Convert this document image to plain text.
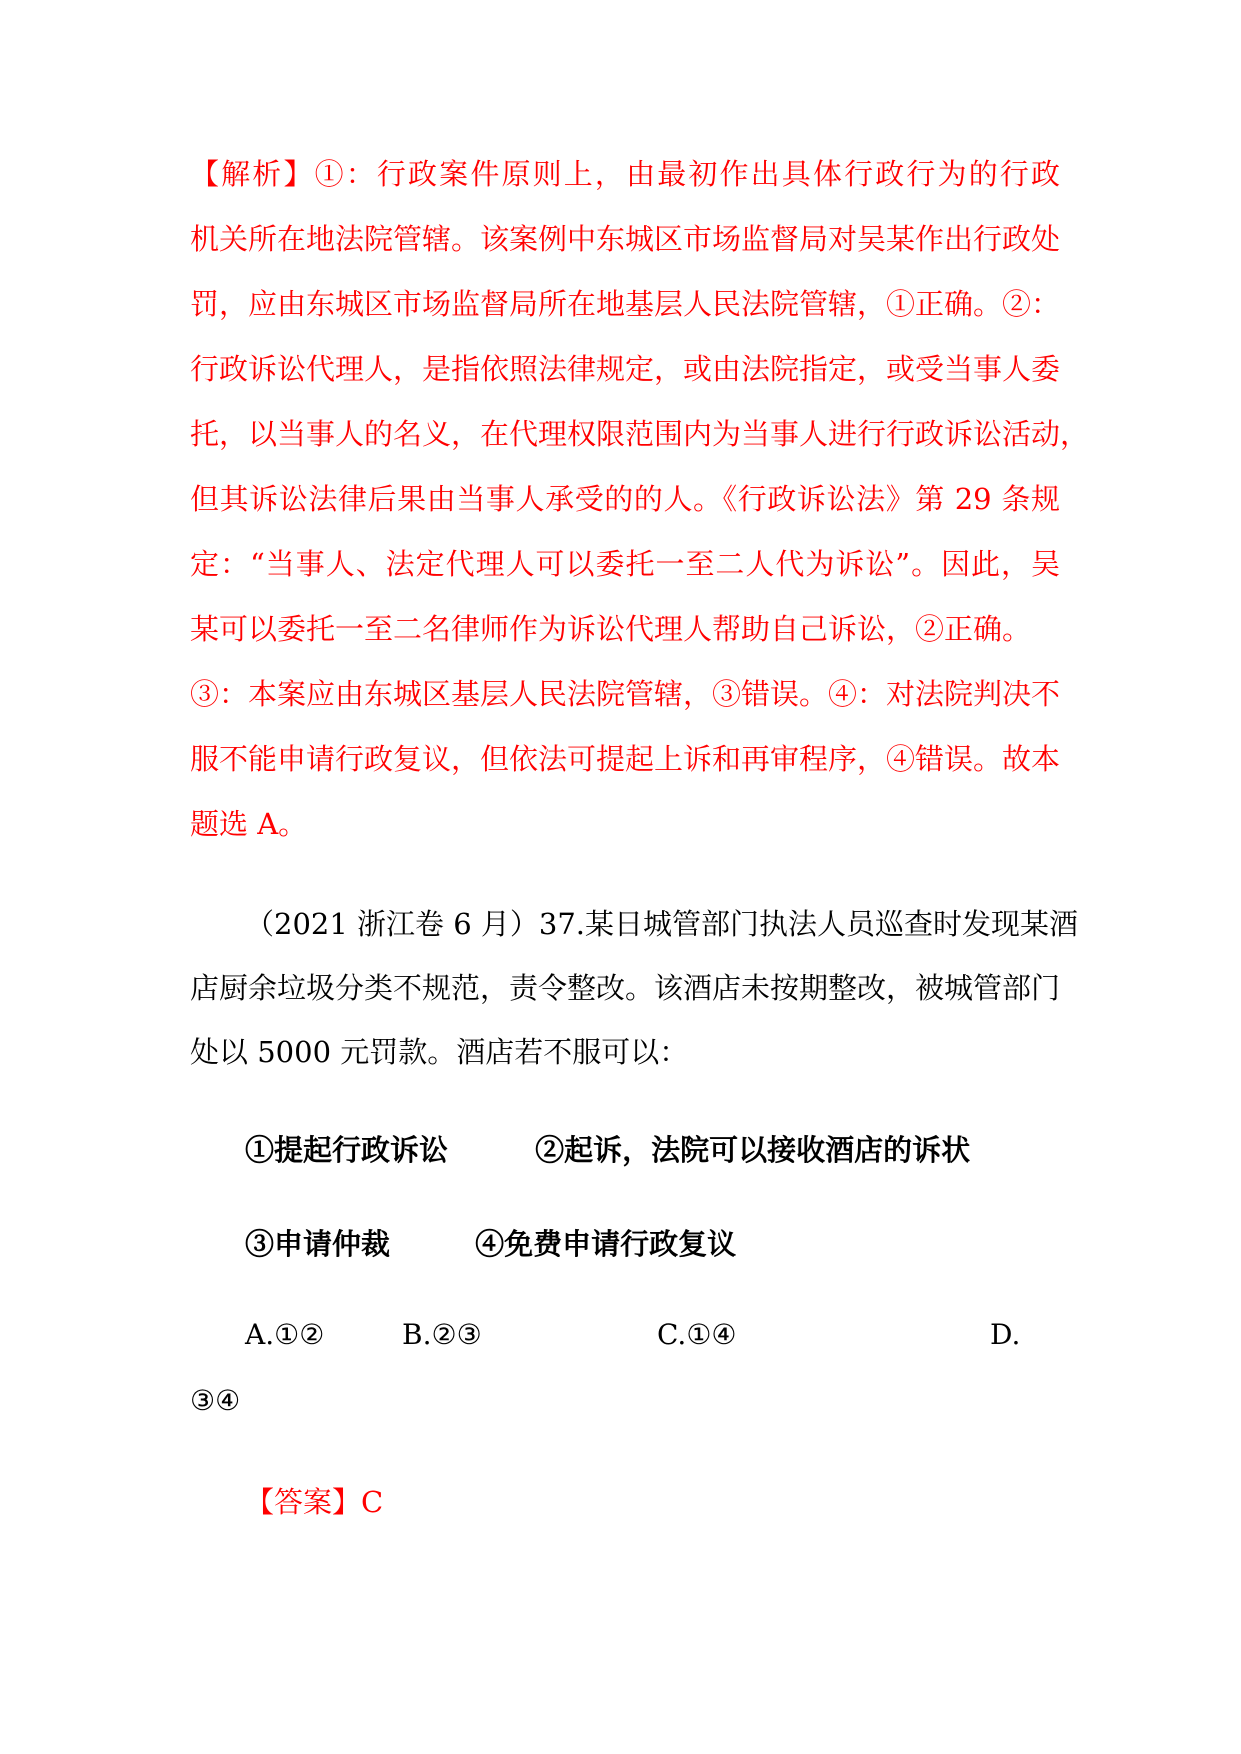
【解析】①：行政案件原则上，由最初作出具体行政行为的行政
机关所在地法院管辖。该案例中东城区市场监督局对吴某作出行政处
罚，应由东城区市场监督局所在地基层人民法院管辖，①正确。②：
行政诉讼代理人，是指依照法律规定，或由法院指定，或受当事人委
托，以当事人的名义，在代理权限范围内为当事人进行行政诉讼活动，
但其诉讼法律后果由当事人承受的的人。《行政诉讼法》第 29 条规
定：“当事人、法定代理人可以委托一至二人代为诉讼”。因此，吴
某可以委托一至二名律师作为诉讼代理人帮助自己诉讼，②正确。
③：本案应由东城区基层人民法院管辖，③错误。④：对法院判决不
服不能申请行政复议，但依法可提起上诉和再审程序，④错误。故本
题选 A。
（2021 浙江卷 6 月）37.某日城管部门执法人员巡查时发现某酒
店厨余垃圾分类不规范，责令整改。该酒店未按期整改，被城管部门
处以 5000 元罚款。酒店若不服可以：
①提起行政诉讼	②起诉，法院可以接收酒店的诉状
③申请仲裁	④免费申请行政复议
A.①②	B.②③	C.①④	D.
③④
【答案】C
